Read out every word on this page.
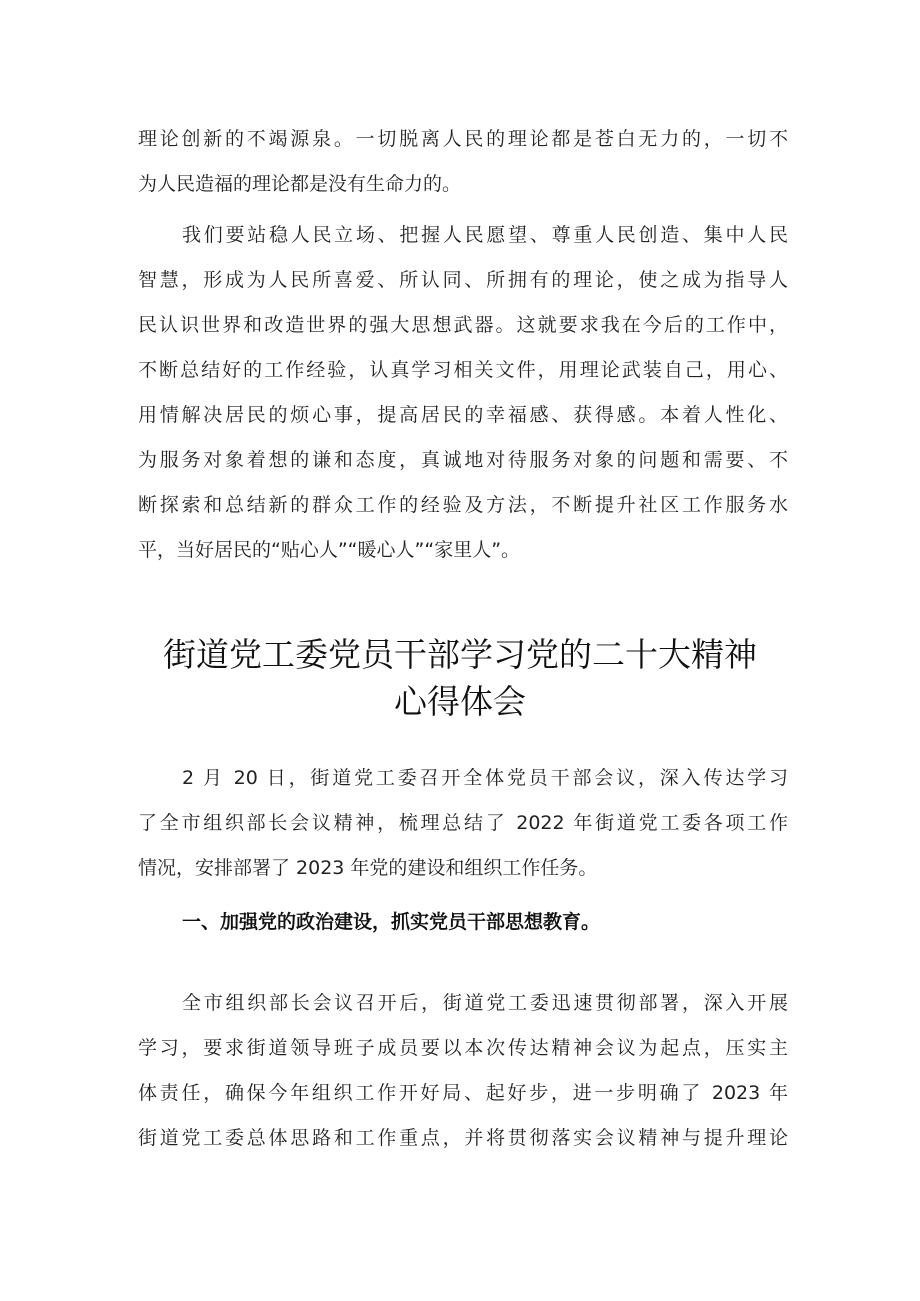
理论创新的不竭源泉。一切脱离人民的理论都是苍白无力的，一切不
为人民造福的理论都是没有生命力的。
我们要站稳人民立场、把握人民愿望、尊重人民创造、集中人民
智慧，形成为人民所喜爱、所认同、所拥有的理论，使之成为指导人
民认识世界和改造世界的强大思想武器。这就要求我在今后的工作中，
不断总结好的工作经验，认真学习相关文件，用理论武装自己，用心、
用情解决居民的烦心事，提高居民的幸福感、获得感。本着人性化、
为服务对象着想的谦和态度，真诚地对待服务对象的问题和需要、不
断探索和总结新的群众工作的经验及方法，不断提升社区工作服务水
平，当好居民的“贴心人”“暖心人”“家里人”。
街道党工委党员干部学习党的二十大精神
心得体会
2 月 20 日，街道党工委召开全体党员干部会议，深入传达学习
了全市组织部长会议精神，梳理总结了 2022 年街道党工委各项工作
情况，安排部署了 2023 年党的建设和组织工作任务。
一、加强党的政治建设，抓实党员干部思想教育。
全市组织部长会议召开后，街道党工委迅速贯彻部署，深入开展
学习，要求街道领导班子成员要以本次传达精神会议为起点，压实主
体责任，确保今年组织工作开好局、起好步，进一步明确了 2023 年
街道党工委总体思路和工作重点，并将贯彻落实会议精神与提升理论
